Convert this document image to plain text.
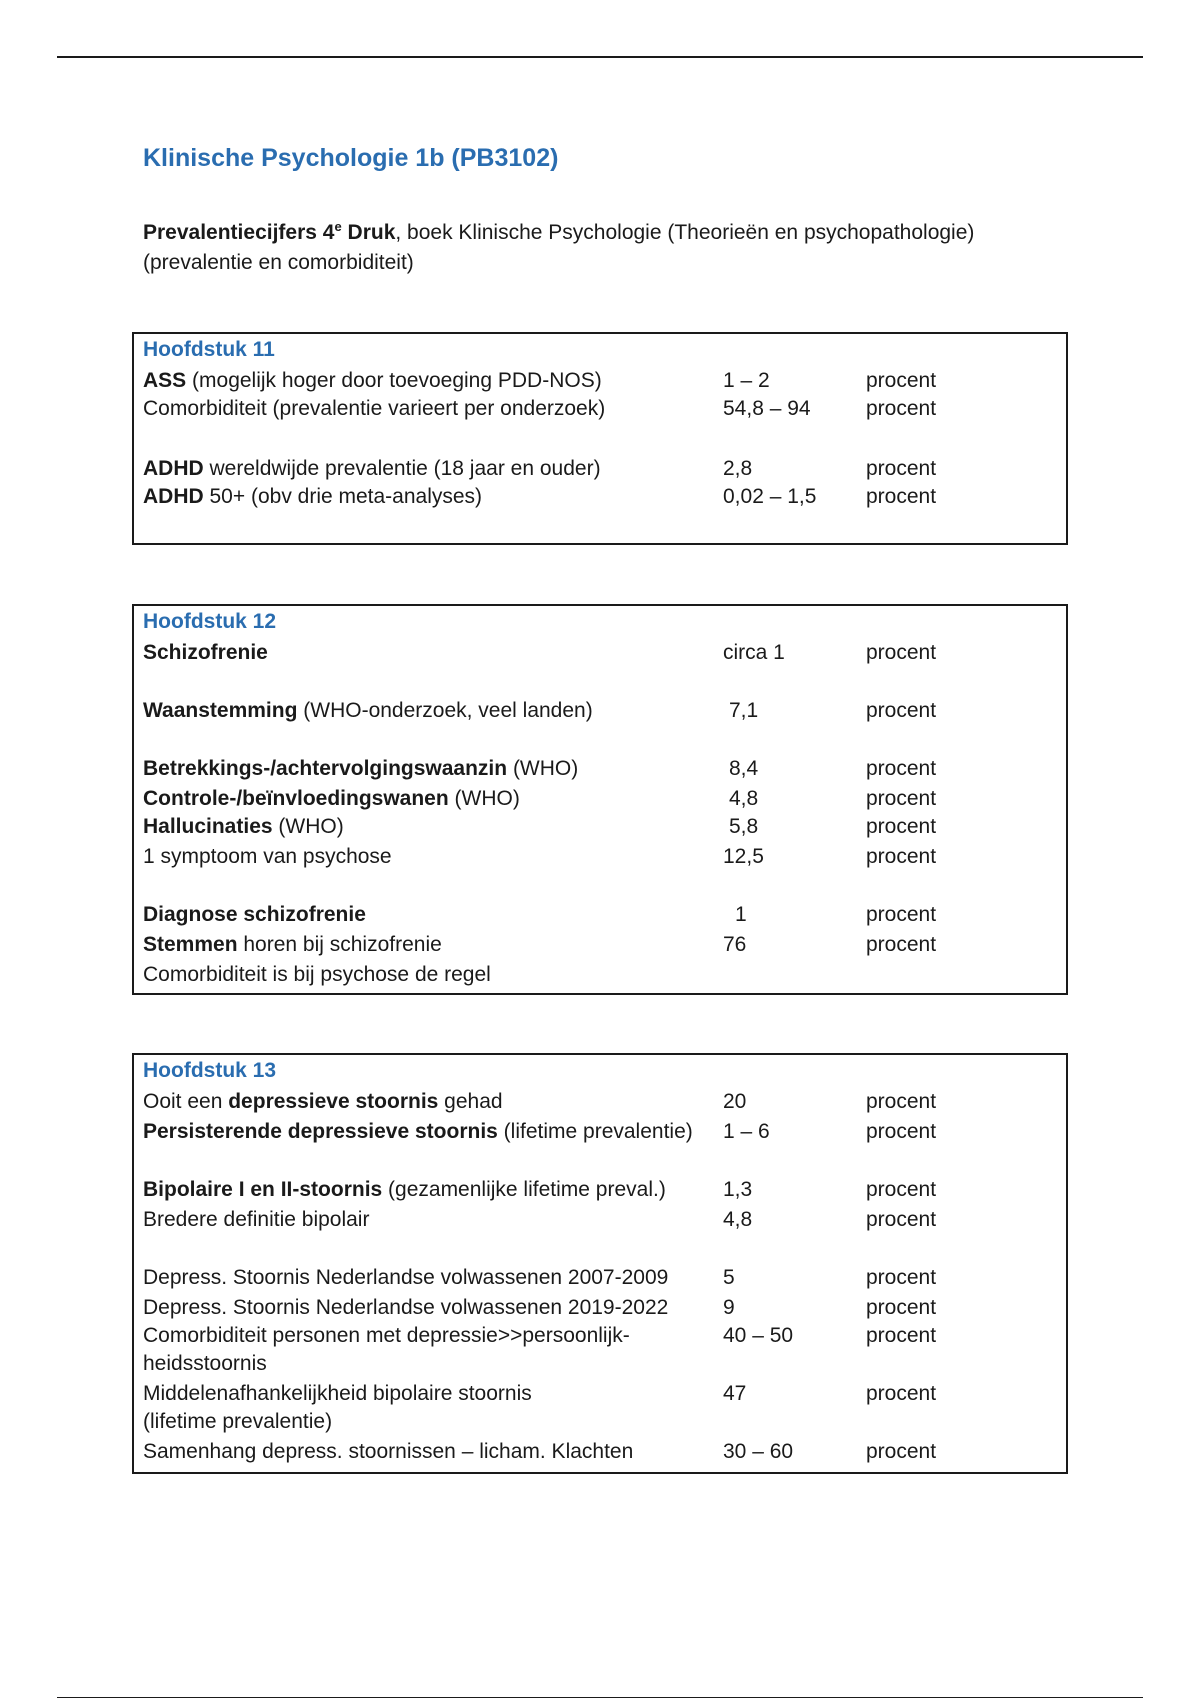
Klinische Psychologie 1b (PB3102)
Prevalentiecijfers 4e Druk, boek Klinische Psychologie (Theorieën en psychopathologie)
(prevalentie en comorbiditeit)
Hoofdstuk 11
ASS (mogelijk hoger door toevoeging PDD-NOS)	1 – 2	procent
Comorbiditeit (prevalentie varieert per onderzoek)	54,8 – 94	procent
ADHD wereldwijde prevalentie (18 jaar en ouder)	2,8	procent
ADHD 50+ (obv drie meta-analyses)	0,02 – 1,5 procent
Hoofdstuk 12
Schizofrenie	circa 1	procent
Waanstemming (WHO-onderzoek, veel landen)	7,1	procent
Betrekkings-/achtervolgingswaanzin (WHO)	8,4	procent
Controle-/beïnvloedingswanen (WHO)	4,8	procent
Hallucinaties (WHO)	5,8	procent
1 symptoom van psychose	12,5	procent
Diagnose schizofrenie	1	procent
Stemmen horen bij schizofrenie	76	procent
Comorbiditeit is bij psychose de regel
Hoofdstuk 13
Ooit een depressieve stoornis gehad	20	procent
Persisterende depressieve stoornis (lifetime prevalentie) 1 – 6	procent
Bipolaire I en II-stoornis (gezamenlijke lifetime preval.)	1,3	procent
Bredere definitie bipolair	4,8	procent
Depress. Stoornis Nederlandse volwassenen 2007-2009	5	procent
Depress. Stoornis Nederlandse volwassenen 2019-2022	9	procent
Comorbiditeit personen met depressie>>persoonlijk-
heidsstoornis
40 – 50	procent
Middelenafhankelijkheid bipolaire stoornis
(lifetime prevalentie)
47	procent
Samenhang depress. stoornissen – licham. Klachten	30 – 60	procent
